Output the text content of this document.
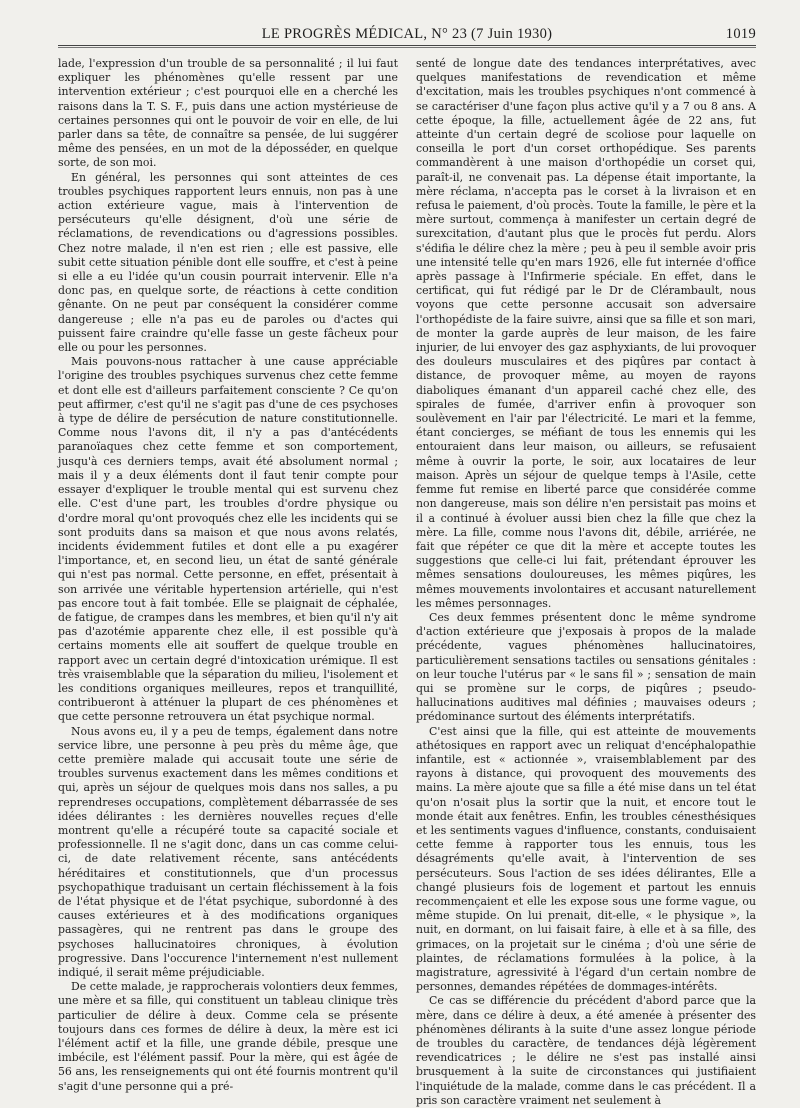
LE PROGRÈS MÉDICAL, N° 23 (7 Juin 1930)	1019

lade, l'expression d'un trouble de sa personnalité ; il lui faut expliquer les phénomènes qu'elle ressent par une intervention extérieur ; c'est pourquoi elle en a cherché les raisons dans la T. S. F., puis dans une action mystérieuse de certaines personnes qui ont le pouvoir de voir en elle, de lui parler dans sa tête, de connaître sa pensée, de lui suggérer même des pensées, en un mot de la déposséder, en quelque sorte, de son moi.

En général, les personnes qui sont atteintes de ces troubles psychiques rapportent leurs ennuis, non pas à une action extérieure vague, mais à l'intervention de persécuteurs qu'elle désignent, d'où une série de réclamations, de revendications ou d'agressions possibles. Chez notre malade, il n'en est rien ; elle est passive, elle subit cette situation pénible dont elle souffre, et c'est à peine si elle a eu l'idée qu'un cousin pourrait intervenir. Elle n'a donc pas, en quelque sorte, de réactions à cette condition gênante. On ne peut par conséquent la considérer comme dangereuse ; elle n'a pas eu de paroles ou d'actes qui puissent faire craindre qu'elle fasse un geste fâcheux pour elle ou pour les personnes.

Mais pouvons-nous rattacher à une cause appréciable l'origine des troubles psychiques survenus chez cette femme et dont elle est d'ailleurs parfaitement consciente ? Ce qu'on peut affirmer, c'est qu'il ne s'agit pas d'une de ces psychoses à type de délire de persécution de nature constitutionnelle. Comme nous l'avons dit, il n'y a pas d'antécédents paranoïaques chez cette femme et son comportement, jusqu'à ces derniers temps, avait été absolument normal ; mais il y a deux éléments dont il faut tenir compte pour essayer d'expliquer le trouble mental qui est survenu chez elle. C'est d'une part, les troubles d'ordre physique ou d'ordre moral qu'ont provoqués chez elle les incidents qui se sont produits dans sa maison et que nous avons relatés, incidents évidemment futiles et dont elle a pu exagérer l'importance, et, en second lieu, un état de santé générale qui n'est pas normal. Cette personne, en effet, présentait à son arrivée une véritable hypertension artérielle, qui n'est pas encore tout à fait tombée. Elle se plaignait de céphalée, de fatigue, de crampes dans les membres, et bien qu'il n'y ait pas d'azotémie apparente chez elle, il est possible qu'à certains moments elle ait souffert de quelque trouble en rapport avec un certain degré d'intoxication urémique. Il est très vraisemblable que la séparation du milieu, l'isolement et les conditions organiques meilleures, repos et tranquillité, contribueront à atténuer la plupart de ces phénomènes et que cette personne retrouvera un état psychique normal.

Nous avons eu, il y a peu de temps, également dans notre service libre, une personne à peu près du même âge, que cette première malade qui accusait toute une série de troubles survenus exactement dans les mêmes conditions et qui, après un séjour de quelques mois dans nos salles, a pu reprendreses occupations, complètement débarrassée de ses idées délirantes : les dernières nouvelles reçues d'elle montrent qu'elle a récupéré toute sa capacité sociale et professionnelle. Il ne s'agit donc, dans un cas comme celui-ci, de date relativement récente, sans antécédents héréditaires et constitutionnels, que d'un processus psychopathique traduisant un certain fléchissement à la fois de l'état physique et de l'état psychique, subordonné à des causes extérieures et à des modifications organiques passagères, qui ne rentrent pas dans le groupe des psychoses hallucinatoires chroniques, à évolution progressive. Dans l'occurence l'internement n'est nullement indiqué, il serait même préjudiciable.

De cette malade, je rapprocherais volontiers deux femmes, une mère et sa fille, qui constituent un tableau clinique très particulier de délire à deux. Comme cela se présente toujours dans ces formes de délire à deux, la mère est ici l'élément actif et la fille, une grande débile, presque une imbécile, est l'élément passif. Pour la mère, qui est âgée de 56 ans, les renseignements qui ont été fournis montrent qu'il s'agit d'une personne qui a pré-

senté de longue date des tendances interprétatives, avec quelques manifestations de revendication et même d'excitation, mais les troubles psychiques n'ont commencé à se caractériser d'une façon plus active qu'il y a 7 ou 8 ans. A cette époque, la fille, actuellement âgée de 22 ans, fut atteinte d'un certain degré de scoliose pour laquelle on conseilla le port d'un corset orthopédique. Ses parents commandèrent à une maison d'orthopédie un corset qui, paraît-il, ne convenait pas. La dépense était importante, la mère réclama, n'accepta pas le corset à la livraison et en refusa le paiement, d'où procès. Toute la famille, le père et la mère surtout, commença à manifester un certain degré de surexcitation, d'autant plus que le procès fut perdu. Alors s'édifia le délire chez la mère ; peu à peu il semble avoir pris une intensité telle qu'en mars 1926, elle fut internée d'office après passage à l'Infirmerie spéciale. En effet, dans le certificat, qui fut rédigé par le Dr de Clérambault, nous voyons que cette personne accusait son adversaire l'orthopédiste de la faire suivre, ainsi que sa fille et son mari, de monter la garde auprès de leur maison, de les faire injurier, de lui envoyer des gaz asphyxiants, de lui provoquer des douleurs musculaires et des piqûres par contact à distance, de provoquer même, au moyen de rayons diaboliques émanant d'un appareil caché chez elle, des spirales de fumée, d'arriver enfin à provoquer son soulèvement en l'air par l'électricité. Le mari et la femme, étant concierges, se méfiant de tous les ennemis qui les entouraient dans leur maison, ou ailleurs, se refusaient même à ouvrir la porte, le soir, aux locataires de leur maison. Après un séjour de quelque temps à l'Asile, cette femme fut remise en liberté parce que considérée comme non dangereuse, mais son délire n'en persistait pas moins et il a continué à évoluer aussi bien chez la fille que chez la mère. La fille, comme nous l'avons dit, débile, arriérée, ne fait que répéter ce que dit la mère et accepte toutes les suggestions que celle-ci lui fait, prétendant éprouver les mêmes sensations douloureuses, les mêmes piqûres, les mêmes mouvements involontaires et accusant naturellement les mêmes personnages.

Ces deux femmes présentent donc le même syndrome d'action extérieure que j'exposais à propos de la malade précédente, vagues phénomènes hallucinatoires, particulièrement sensations tactiles ou sensations génitales : on leur touche l'utérus par « le sans fil » ; sensation de main qui se promène sur le corps, de piqûres ; pseudo-hallucinations auditives mal définies ; mauvaises odeurs ; prédominance surtout des éléments interprétatifs.

C'est ainsi que la fille, qui est atteinte de mouvements athétosiques en rapport avec un reliquat d'encéphalopathie infantile, est « actionnée », vraisemblablement par des rayons à distance, qui provoquent des mouvements des mains. La mère ajoute que sa fille a été mise dans un tel état qu'on n'osait plus la sortir que la nuit, et encore tout le monde était aux fenêtres. Enfin, les troubles cénesthésiques et les sentiments vagues d'influence, constants, conduisaient cette femme à rapporter tous les ennuis, tous les désagréments qu'elle avait, à l'intervention de ses persécuteurs. Sous l'action de ses idées délirantes, Elle a changé plusieurs fois de logement et partout les ennuis recommençaient et elle les expose sous une forme vague, ou même stupide. On lui prenait, dit-elle, « le physique », la nuit, en dormant, on lui faisait faire, à elle et à sa fille, des grimaces, on la projetait sur le cinéma ; d'où une série de plaintes, de réclamations formulées à la police, à la magistrature, agressivité à l'égard d'un certain nombre de personnes, demandes répétées de dommages-intérêts.

Ce cas se différencie du précédent d'abord parce que la mère, dans ce délire à deux, a été amenée à présenter des phénomènes délirants à la suite d'une assez longue période de troubles du caractère, de tendances déjà légèrement revendicatrices ; le délire ne s'est pas installé ainsi brusquement à la suite de circonstances qui justifiaient l'inquiétude de la malade, comme dans le cas précédent. Il a pris son caractère vraiment net seulement à
